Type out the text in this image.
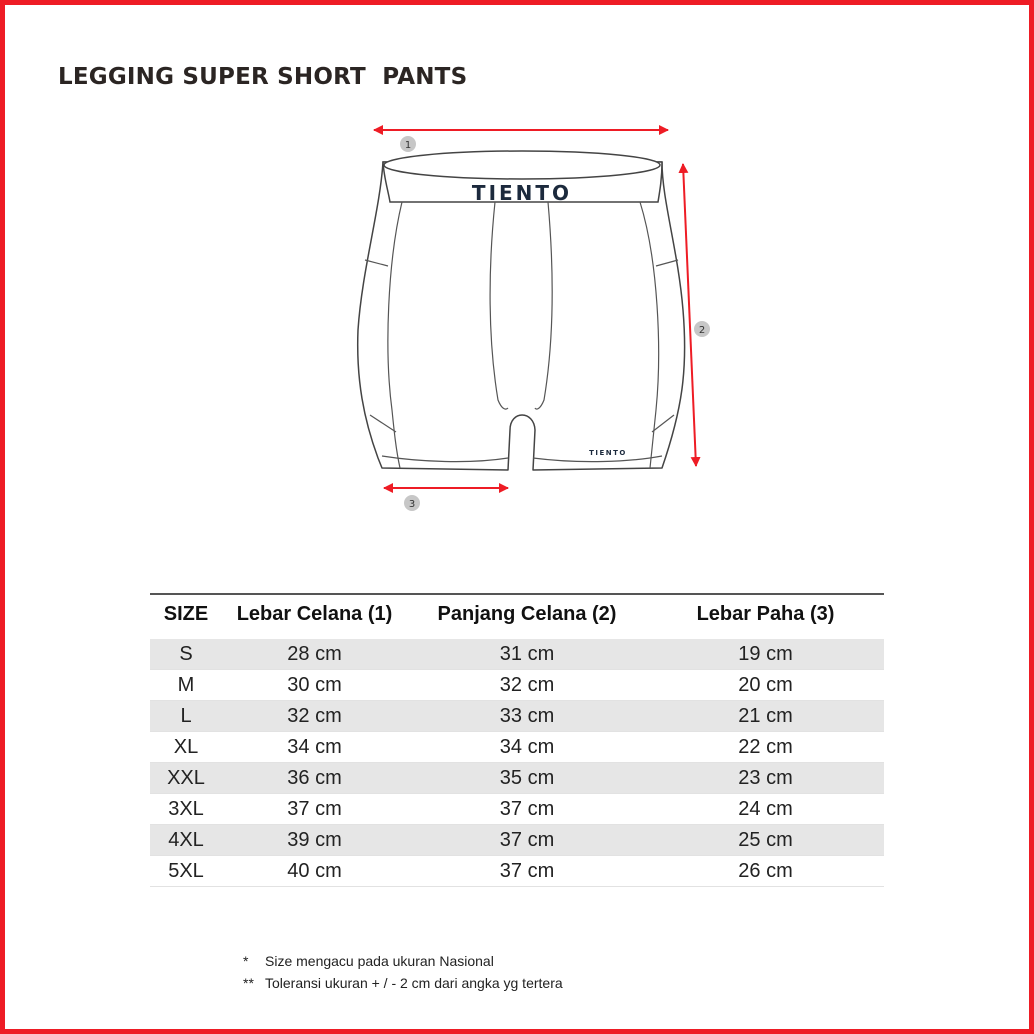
LEGGING SUPER SHORT  PANTS
TIENTO
TIENTO
1
2
3
SIZE	Lebar Celana (1)	Panjang Celana (2)	Lebar Paha (3)
S	28 cm	31 cm	19 cm
M	30 cm	32 cm	20 cm
L	32 cm	33 cm	21 cm
XL	34 cm	34 cm	22 cm
XXL	36 cm	35 cm	23 cm
3XL	37 cm	37 cm	24 cm
4XL	39 cm	37 cm	25 cm
5XL	40 cm	37 cm	26 cm
*	Size mengacu pada ukuran Nasional
** Toleransi ukuran + / - 2 cm dari angka yg tertera
